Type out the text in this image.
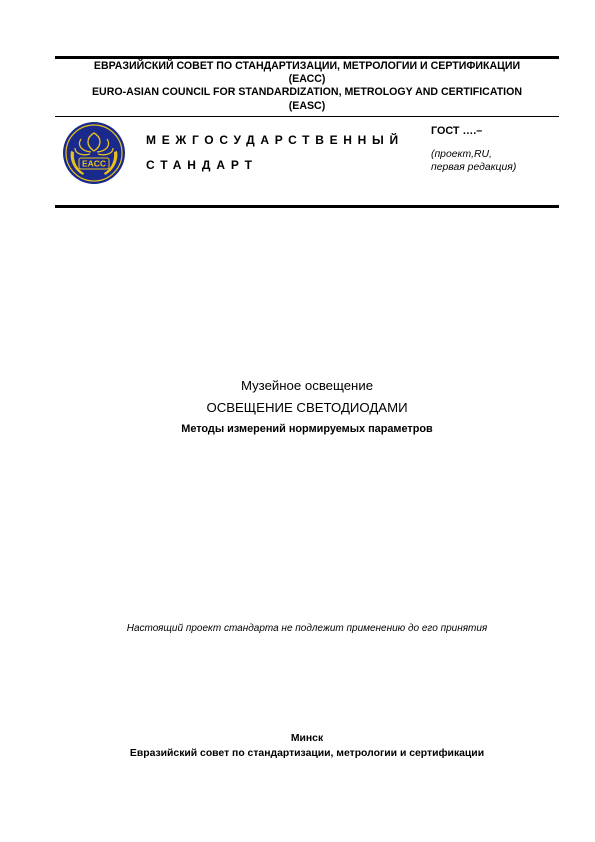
ЕВРАЗИЙСКИЙ СОВЕТ ПО СТАНДАРТИЗАЦИИ, МЕТРОЛОГИИ И СЕРТИФИКАЦИИ
(ЕАСС)
EURO-ASIAN COUNCIL FOR STANDARDIZATION, METROLOGY AND CERTIFICATION
(EASC)
EACC
МЕЖГОСУДАРСТВЕННЫЙ
СТАНДАРТ
ГОСТ ….–
(проект,RU,
первая редакция)
Музейное освещение
ОСВЕЩЕНИЕ СВЕТОДИОДАМИ
Методы измерений нормируемых параметров
Настоящий проект стандарта не подлежит применению до его принятия
Минск
Евразийский совет по стандартизации, метрологии и сертификации
